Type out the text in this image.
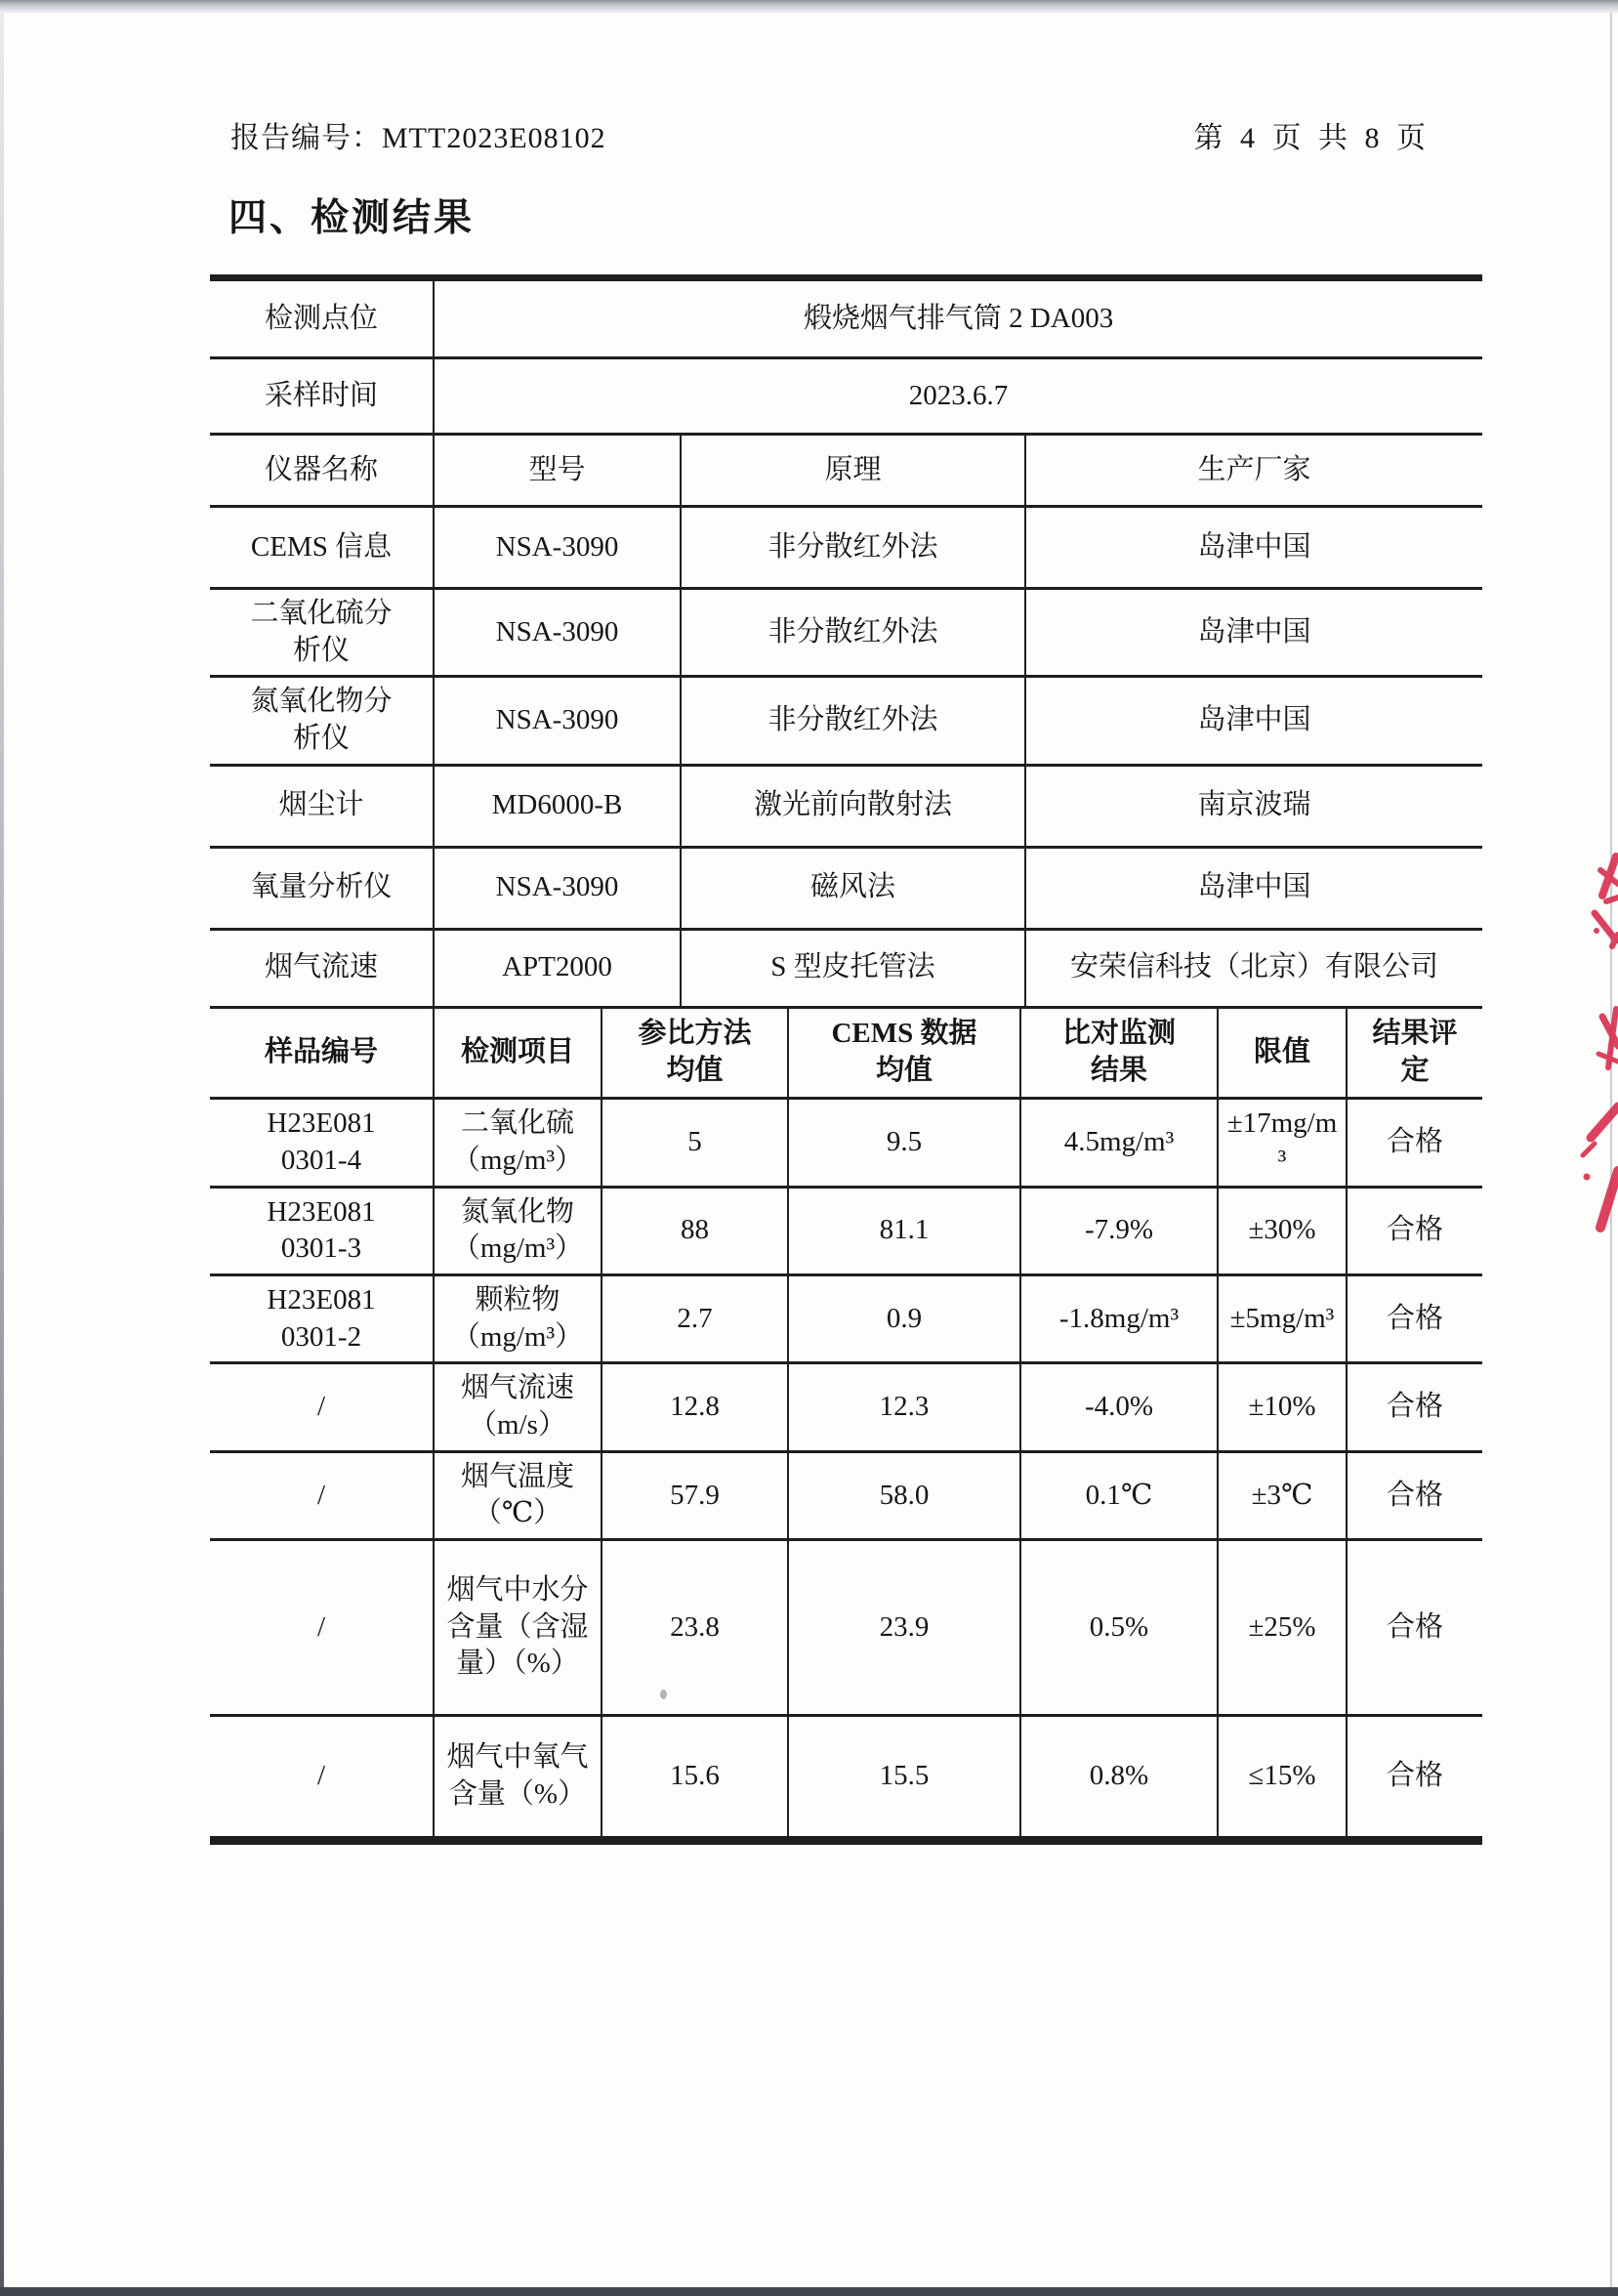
报告编号：MTT2023E08102	第 4 页 共 8 页
四、检测结果
检测点位	煅烧烟气排气筒 2 DA003		
采样时间	2023.6.7		
仪器名称	型号	原理	生产厂家
CEMS 信息	NSA-3090	非分散红外法	岛津中国
二氧化硫分析仪	NSA-3090	非分散红外法	岛津中国
氮氧化物分析仪	NSA-3090	非分散红外法	岛津中国
烟尘计	MD6000-B	激光前向散射法	南京波瑞
氧量分析仪	NSA-3090	磁风法	岛津中国
烟气流速	APT2000	S 型皮托管法	安荣信科技（北京）有限公司
样品编号	检测项目	参比方法均值	CEMS 数据均值	比对监测结果	限值	结果评定
H23E081 0301-4	二氧化硫（mg/m³）	5	9.5	4.5mg/m³	±17mg/m³	合格
H23E081 0301-3	氮氧化物（mg/m³）	88	81.1	-7.9%	±30%	合格
H23E081 0301-2	颗粒物（mg/m³）	2.7	0.9	-1.8mg/m³	±5mg/m³	合格
/	烟气流速（m/s）	12.8	12.3	-4.0%	±10%	合格
/	烟气温度（℃）	57.9	58.0	0.1℃	±3℃	合格
/	烟气中水分含量（含湿量）（%）	23.8	23.9	0.5%	±25%	合格
/	烟气中氧气含量（%）	15.6	15.5	0.8%	≤15%	合格
